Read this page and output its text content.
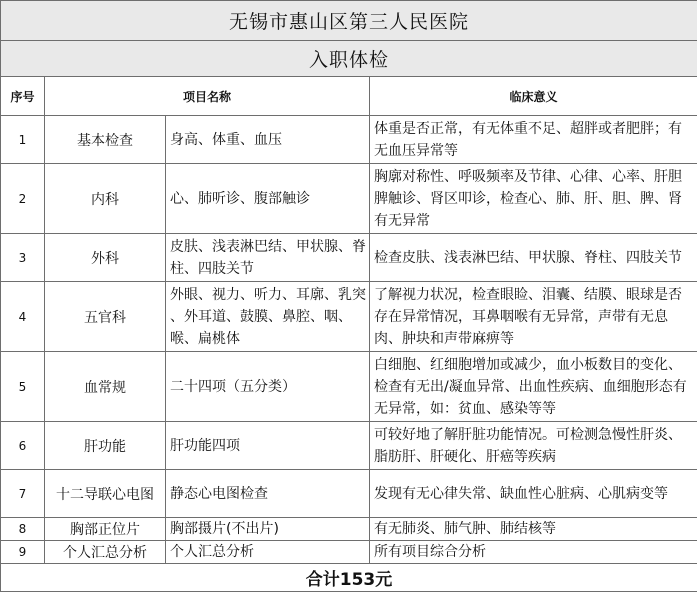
无锡市惠山区第三人民医院			
入职体检			
序号	项目名称		临床意义
1	基本检查	身高、体重、血压	体重是否正常，有无体重不足、超胖或者肥胖；有无血压异常等
2	内科	心、肺听诊、腹部触诊	胸廓对称性、呼吸频率及节律、心律、心率、肝胆脾触诊、肾区叩诊，检查心、肺、肝、胆、脾、肾有无异常
3	外科	皮肤、浅表淋巴结、甲状腺、脊柱、四肢关节	检查皮肤、浅表淋巴结、甲状腺、脊柱、四肢关节
4	五官科	外眼、视力、听力、耳廓、乳突 、外耳道、鼓膜、鼻腔、咽、喉、扁桃体	了解视力状况，检查眼睑、泪囊、结膜、眼球是否存在异常情况，耳鼻咽喉有无异常，声带有无息肉、肿块和声带麻痹等
5	血常规	二十四项（五分类）	白细胞、红细胞增加或减少，血小板数目的变化、检查有无出/凝血异常、出血性疾病、血细胞形态有无异常，如：贫血、感染等等
6	肝功能	肝功能四项	可较好地了解肝脏功能情况。可检测急慢性肝炎、脂肪肝、肝硬化、肝癌等疾病
7	十二导联心电图	静态心电图检查	发现有无心律失常、缺血性心脏病、心肌病变等
8	胸部正位片	胸部摄片(不出片)	有无肺炎、肺气肿、肺结核等
9	个人汇总分析	个人汇总分析	所有项目综合分析
合计153元			
